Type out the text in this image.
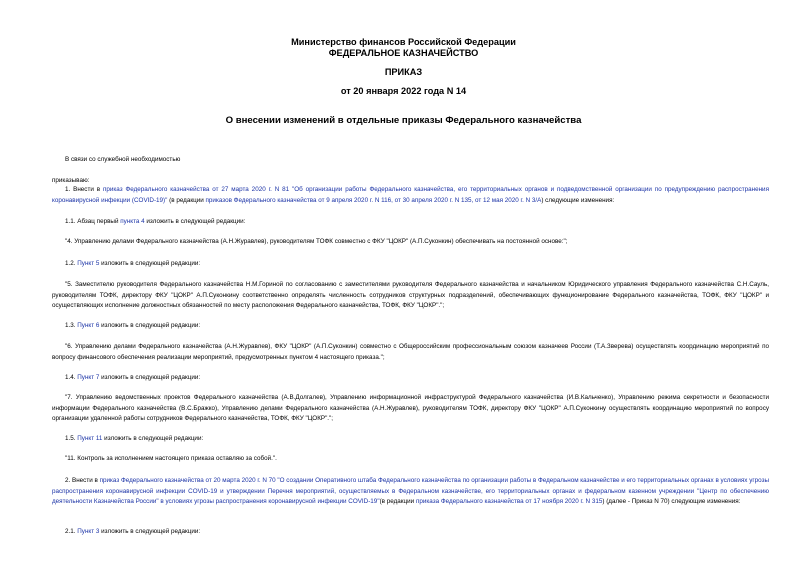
Министерство финансов Российской Федерации
ФЕДЕРАЛЬНОЕ КАЗНАЧЕЙСТВО
ПРИКАЗ
от 20 января 2022 года N 14
О внесении изменений в отдельные приказы Федерального казначейства
В связи со служебной необходимостью
приказываю:
1. Внести в приказ Федерального казначейства от 27 марта 2020 г. N 81 "Об организации работы Федерального казначейства, его территориальных органов и подведомственной организации по предупреждению распространения коронавирусной инфекции (COVID-19)" (в редакции приказов Федерального казначейства от 9 апреля 2020 г. N 116, от 30 апреля 2020 г. N 135, от 12 мая 2020 г. N 3/А) следующие изменения:
1.1. Абзац первый пункта 4 изложить в следующей редакции:
"4. Управлению делами Федерального казначейства (А.Н.Журавлев), руководителям ТОФК совместно с ФКУ "ЦОКР" (А.П.Суконкин) обеспечивать на постоянной основе:";
1.2. Пункт 5 изложить в следующей редакции:
"5. Заместителю руководителя Федерального казначейства Н.М.Гориной по согласованию с заместителями руководителя Федерального казначейства и начальником Юридического управления Федерального казначейства С.Н.Сауль, руководителям ТОФК, директору ФКУ "ЦОКР" А.П.Суконкину соответственно определять численность сотрудников структурных подразделений, обеспечивающих функционирование Федерального казначейства, ТОФК, ФКУ "ЦОКР" и осуществляющих исполнение должностных обязанностей по месту расположения Федерального казначейства, ТОФК, ФКУ "ЦОКР".";
1.3. Пункт 6 изложить в следующей редакции:
"6. Управлению делами Федерального казначейства (А.Н.Журавлев), ФКУ "ЦОКР" (А.П.Суконкин) совместно с Общероссийским профессиональным союзом казначеев России (Т.А.Зверева) осуществлять координацию мероприятий по вопросу финансового обеспечения реализации мероприятий, предусмотренных пунктом 4 настоящего приказа.";
1.4. Пункт 7 изложить в следующей редакции:
"7. Управлению ведомственных проектов Федерального казначейства (А.В.Долгалев), Управлению информационной инфраструктурой Федерального казначейства (И.В.Кальченко), Управлению режима секретности и безопасности информации Федерального казначейства (В.С.Бражко), Управлению делами Федерального казначейства (А.Н.Журавлев), руководителям ТОФК, директору ФКУ "ЦОКР" А.П.Суконкину осуществлять координацию мероприятий по вопросу организации удаленной работы сотрудников Федерального казначейства, ТОФК, ФКУ "ЦОКР".";
1.5. Пункт 11 изложить в следующей редакции:
"11. Контроль за исполнением настоящего приказа оставляю за собой.".
2. Внести в приказ Федерального казначейства от 20 марта 2020 г. N 70 "О создании Оперативного штаба Федерального казначейства по организации работы в Федеральном казначействе и его территориальных органах в условиях угрозы распространения коронавирусной инфекции COVID-19 и утверждении Перечня мероприятий, осуществляемых в Федеральном казначействе, его территориальных органах и федеральном казенном учреждении "Центр по обеспечению деятельности Казначейства России" в условиях угрозы распространения коронавирусной инфекции COVID-19"(в редакции приказа Федерального казначейства от 17 ноября 2020 г. N 315) (далее - Приказ N 70) следующие изменения:
2.1. Пункт 3 изложить в следующей редакции:
